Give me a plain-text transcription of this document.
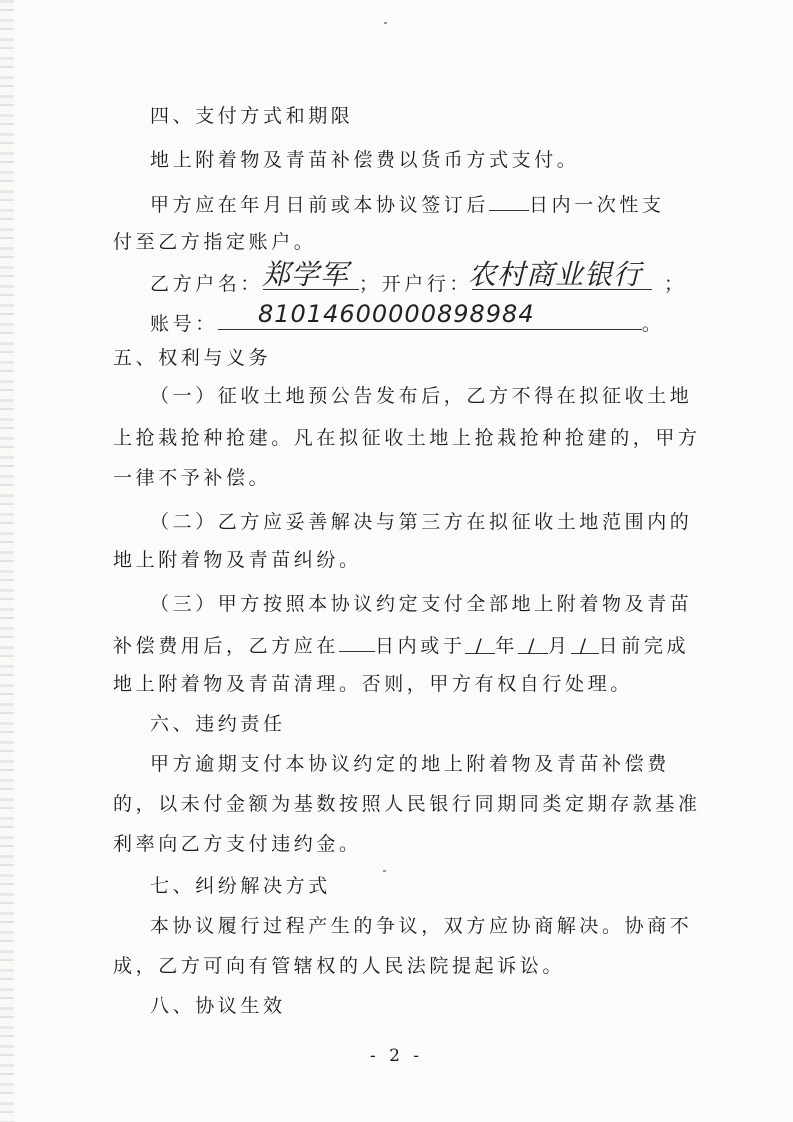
四、支付方式和期限
地上附着物及青苗补偿费以货币方式支付。
甲方应在年月日前或本协议签订后 日内一次性支
付至乙方指定账户。
乙方户名：	；开户行：	；
郑学军	农村商业银行
账号：	。
81014600000898984
五、权利与义务
（一）征收土地预公告发布后，乙方不得在拟征收土地
上抢栽抢种抢建。凡在拟征收土地上抢栽抢种抢建的，甲方
一律不予补偿。
（二）乙方应妥善解决与第三方在拟征收土地范围内的
地上附着物及青苗纠纷。
（三）甲方按照本协议约定支付全部地上附着物及青苗
补偿费用后，乙方应在 日内或于 / 年 / 月 / 日前完成
地上附着物及青苗清理。否则，甲方有权自行处理。
六、违约责任
甲方逾期支付本协议约定的地上附着物及青苗补偿费
的，以未付金额为基数按照人民银行同期同类定期存款基准
利率向乙方支付违约金。
七、纠纷解决方式
本协议履行过程产生的争议，双方应协商解决。协商不
成，乙方可向有管辖权的人民法院提起诉讼。
八、协议生效
- 2 -
